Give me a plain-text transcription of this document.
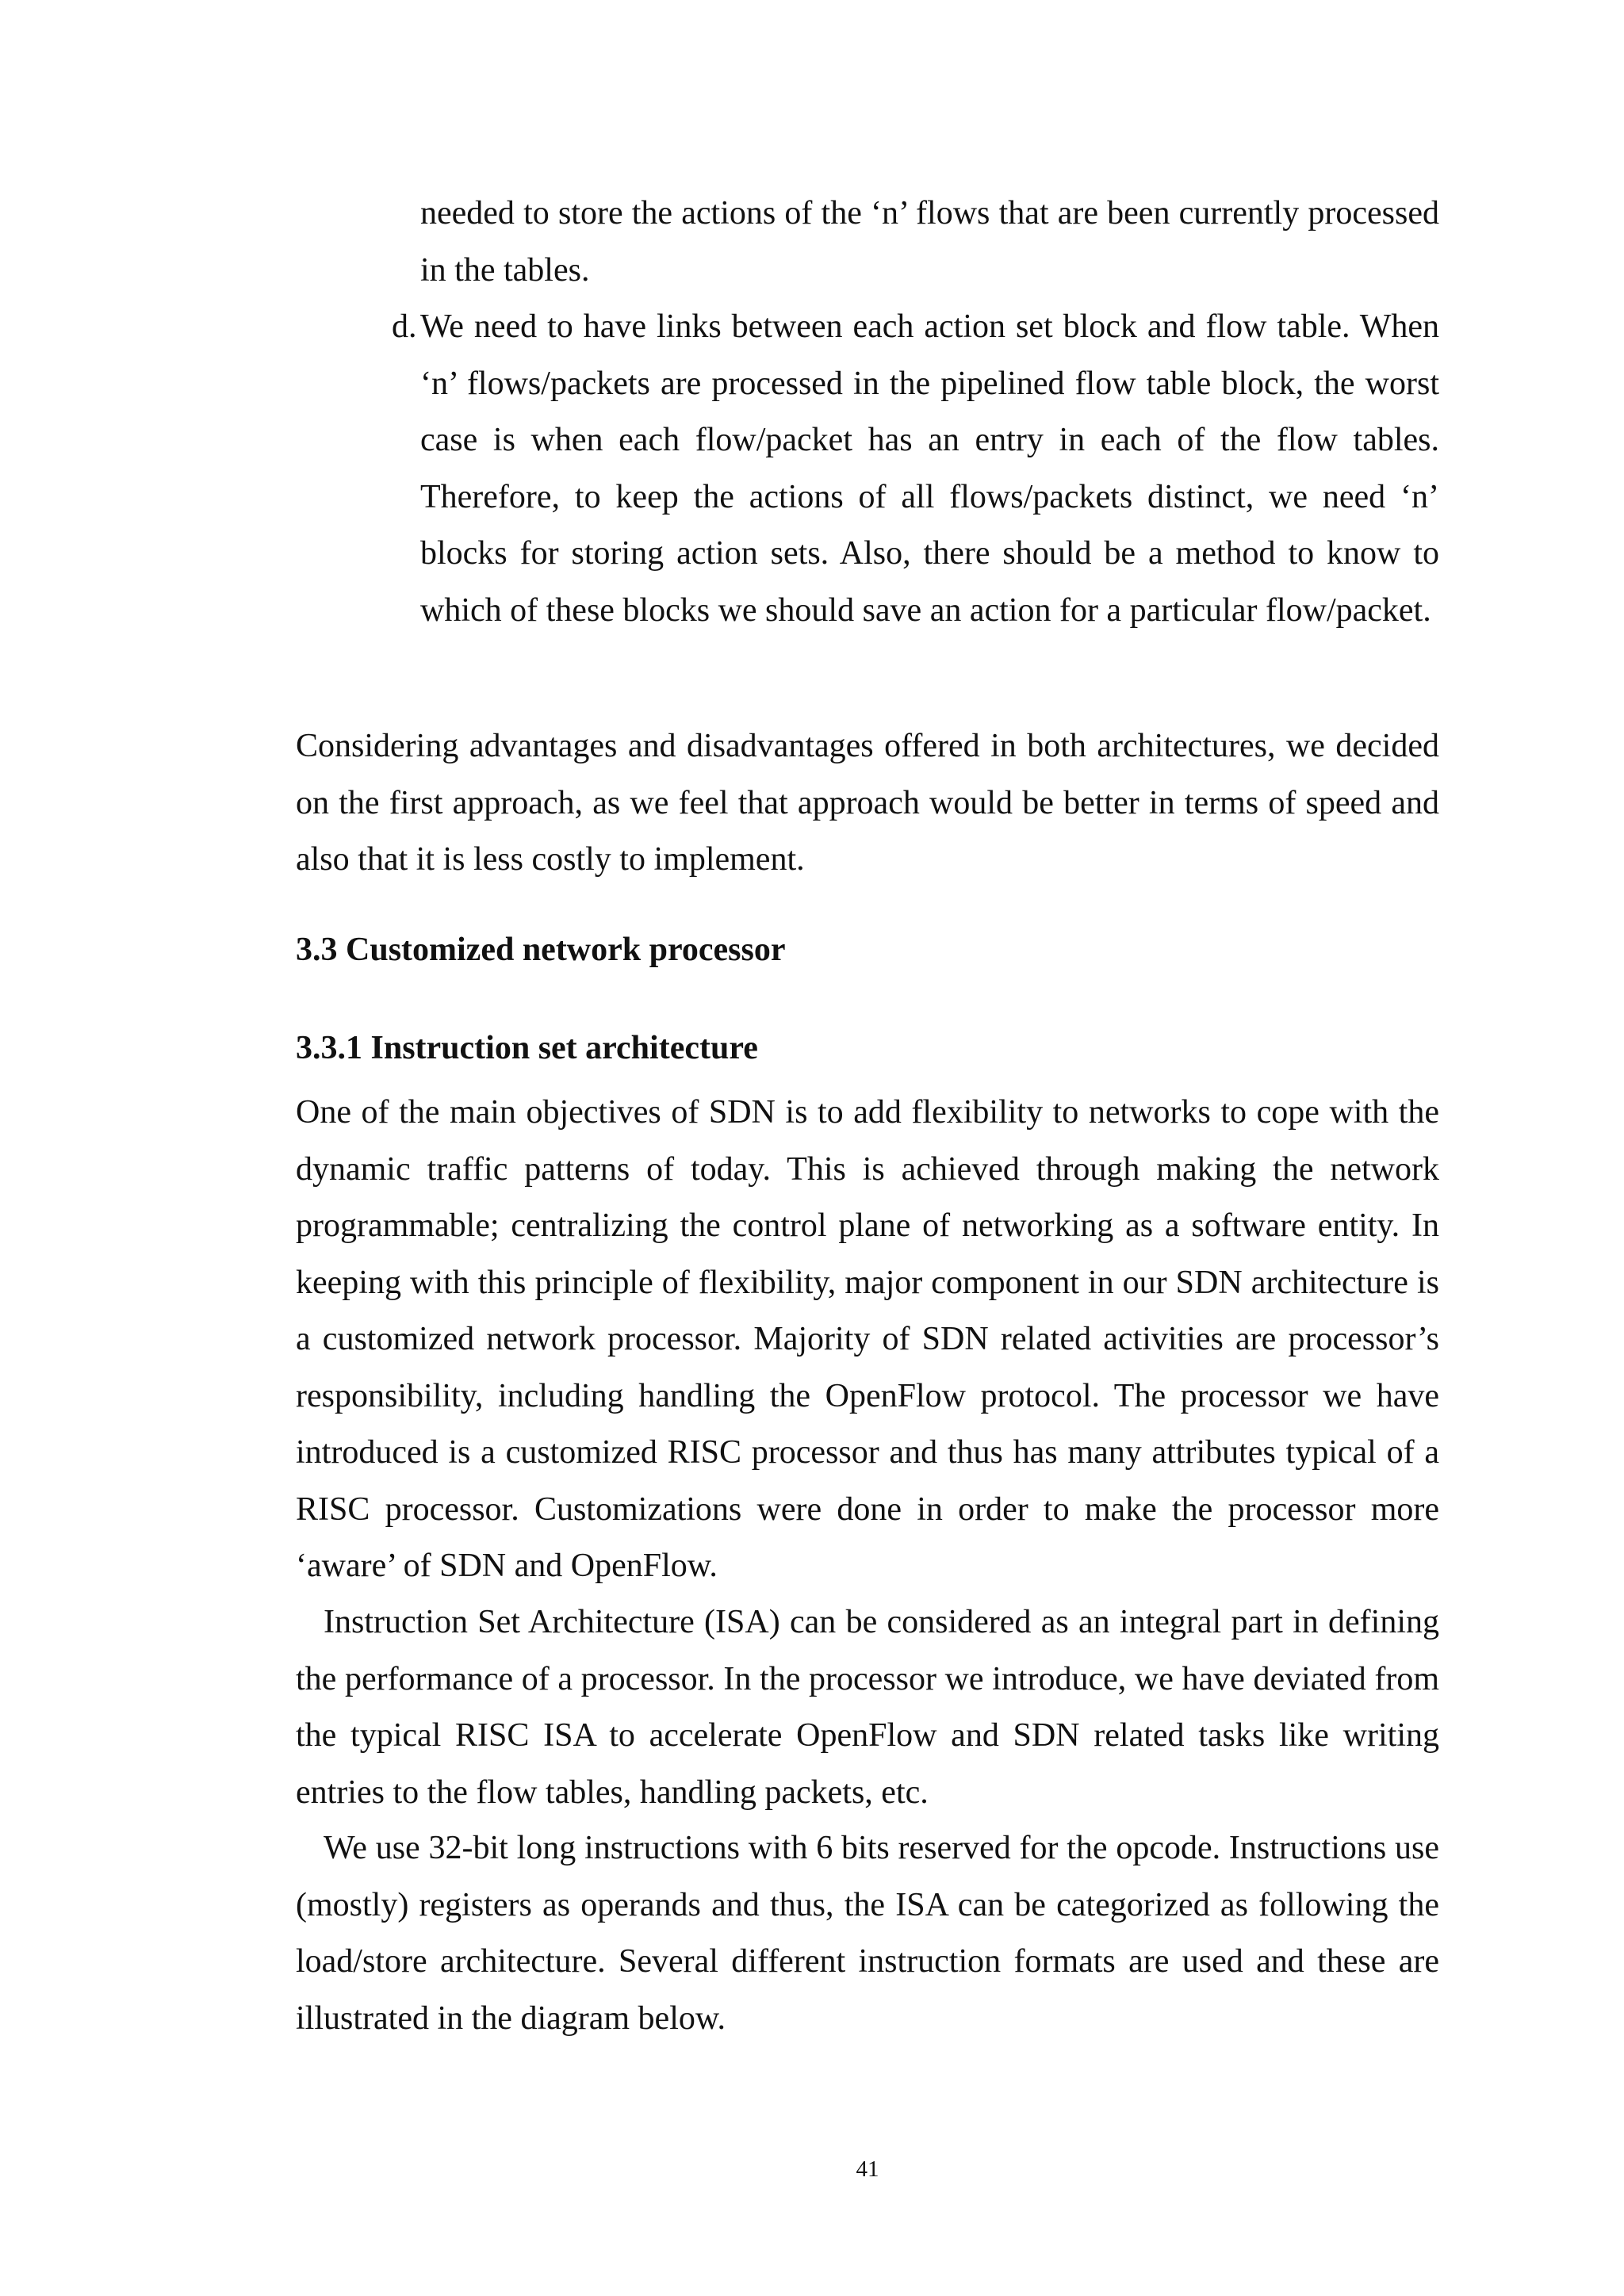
needed to store the actions of the ‘n’ flows that are been currently processed in the tables.
d. We need to have links between each action set block and flow table. When ‘n’ flows/packets are processed in the pipelined flow table block, the worst case is when each flow/packet has an entry in each of the flow tables. Therefore, to keep the actions of all flows/packets distinct, we need ‘n’ blocks for storing action sets. Also, there should be a method to know to which of these blocks we should save an action for a particular flow/packet.

Considering advantages and disadvantages offered in both architectures, we decided on the first approach, as we feel that approach would be better in terms of speed and also that it is less costly to implement.

3.3 Customized network processor
3.3.1 Instruction set architecture

One of the main objectives of SDN is to add flexibility to networks to cope with the dynamic traffic patterns of today. This is achieved through making the network programmable; centralizing the control plane of networking as a software entity. In keeping with this principle of flexibility, major component in our SDN architecture is a customized network processor. Majority of SDN related activities are processor’s responsibility, including handling the OpenFlow protocol. The processor we have introduced is a customized RISC processor and thus has many attributes typical of a RISC processor. Customizations were done in order to make the processor more ‘aware’ of SDN and OpenFlow.

Instruction Set Architecture (ISA) can be considered as an integral part in defining the performance of a processor. In the processor we introduce, we have deviated from the typical RISC ISA to accelerate OpenFlow and SDN related tasks like writing entries to the flow tables, handling packets, etc.

We use 32-bit long instructions with 6 bits reserved for the opcode. Instructions use (mostly) registers as operands and thus, the ISA can be categorized as following the load/store architecture. Several different instruction formats are used and these are illustrated in the diagram below.

41
